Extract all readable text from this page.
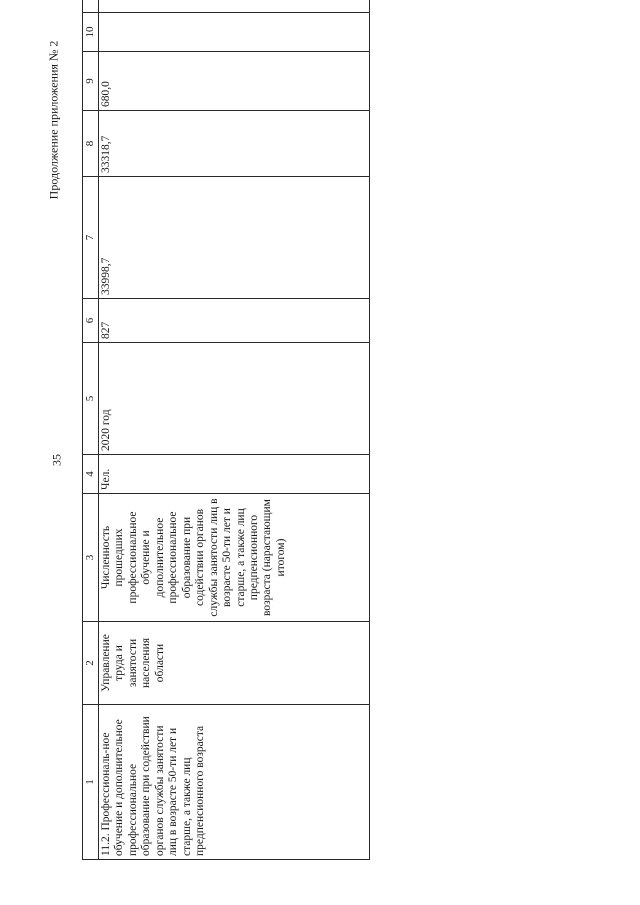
35
Продолжение приложения № 2
1	2	3	4	5	6	7	8	9	10	
11.2. Профессиональ-ное обучение и дополнительное профессиональное образование при содействии органов службы занятости лиц в возрасте 50-ти лет и старше, а также лиц предпенсионного возраста	Управление труда и занятости населения области	Численность прошедших профессиональное обучение и дополнительное профессиональное образование при содействии органов службы занятости лиц в возрасте 50-ти лет и старше, а также лиц предпенсионного возраста (нарастающим итогом)	Чел.	2020 год	827	33998,7	33318,7	680,0		
